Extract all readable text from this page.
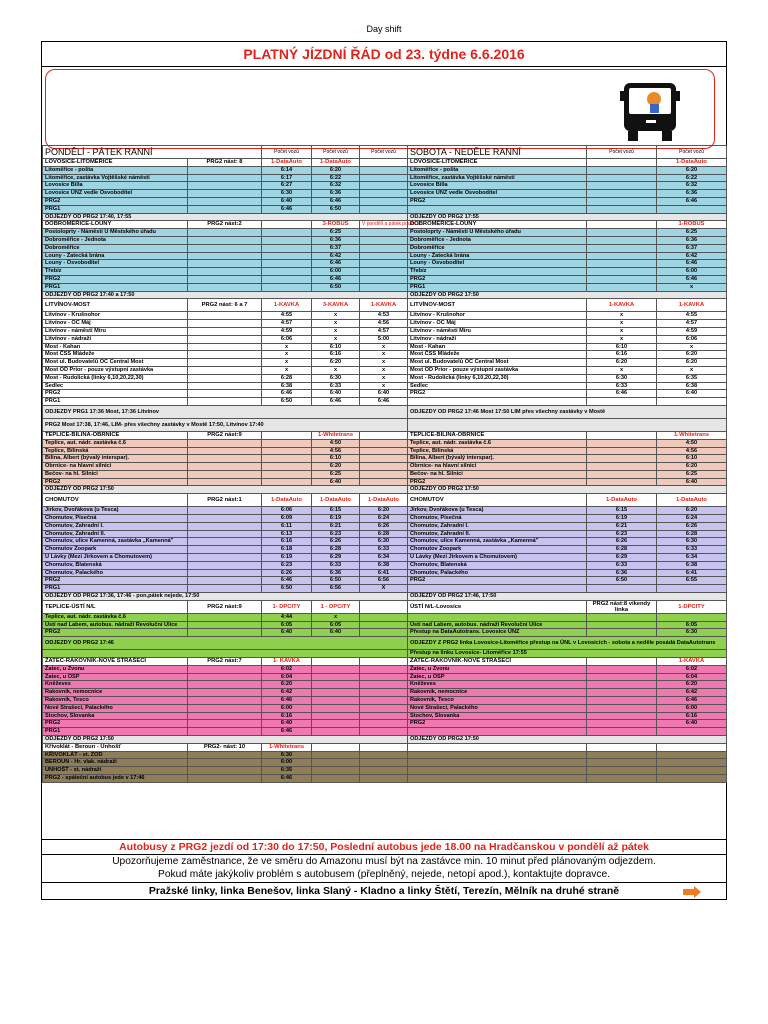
Day shift
PLATNÝ JÍZDNÍ ŘÁD od 23. týdne 6.6.2016
PONDĚLÍ - PÁTEK RANNÍ		Počet vozů	Počet vozů	Počet vozů	SOBOTA - NEDĚLE RANNÍ	Počet vozů	Počet vozů
LOVOSICE-LITOMĚŘICE	PRG2 nást: 8	1-DataAuto	1-DataAuto		LOVOSICE-LITOMĚŘICE		1-DataAuto
Litoměřice - pošta		6:14	6:20		Litoměřice - pošta		6:20
Litoměřice, zastávka Vojtěšské náměstí		6:17	6:22		Litoměřice, zastávka Vojtěšské náměstí		6:22
Lovosice Billa		6:27	6:32		Lovosice Billa		6:32
Lovosice ÚNZ vedle Osvobodítel		6:30	6:36		Lovosice ÚNZ vedle Osvobodítel		6:36
PRG2		6:40	6:46		PRG2		6:46
PRG1		6:46	6:50				
ODJEZDY OD PRG2 17:40, 17:55					ODJEZDY OD PRG2 17:55		
DOBROMĚŘICE-LOUNY	PRG2 nást:2		3-ROBUS	V pondělí a pátek pouze 2	DOBROMĚŘICE-LOUNY		1-ROBUS
Postoloprty - Náměstí U Městského úřadu			6:25		Postoloprty - Náměstí U Městského úřadu		6:25
Dobroměřice - Jednota			6:36		Dobroměřice - Jednota		6:36
Dobroměřice			6:37		Dobroměřice		6:37
Louny - Žatecká brána			6:42		Louny - Žatecká brána		6:42
Louny - Osvoboditel			6:46		Louny - Osvoboditel		6:46
Třebíz			6:00		Třebíz		6:00
PRG2			6:46		PRG2		6:46
PRG1			6:50		PRG1		x
ODJEZDY OD PRG2 17:40 a 17:50					ODJEZDY OD PRG2 17:50		
LITVÍNOV-MOST	PRG2 nást: 6 a 7	1-KAVKA	3-KAVKA	1-KAVKA	LITVÍNOV-MOST	1-KAVKA	1-KAVKA
Litvínov - Krušnohor		4:55	x	4:53	Litvínov - Krušnohor	x	4:55
Litvínov - OC Máj		4:57	x	4:56	Litvínov - OC Máj	x	4:57
Litvínov - náměstí Míru		4:59	x	4:57	Litvínov - náměstí Míru	x	4:59
Litvínov - nádraží		6:06	x	5:00	Litvínov - nádraží	x	6:06
Most - Kahan		x	6:10	x	Most - Kahan	6:10	x
Most ČSS Mládeže		x	6:16	x	Most ČSS Mládeže	6:16	6:20
Most ul. Budovatelů OC Central Most		x	6:20	x	Most ul. Budovatelů OC Central Most	6:20	6:20
Most OD Prior - pouze výstupní zastávka		x	x	x	Most OD Prior - pouze výstupní zastávka	x	x
Most - Rudolická (linky 6,10,20,22,30)		6:28	6:30	x	Most - Rudolická (linky 6,10,20,22,30)	6:30	6:35
Sedlec		6:38	6:33	x	Sedlec	6:33	6:38
PRG2		6:46	6:40	6:40	PRG2	6:46	6:40
PRG1		6:50	6:46	6:46			
ODJEZDY PRG1 17:36 Most, 17:36 Litvínov					ODJEZDY OD PRG2 17:46 Most 17:50 LIM přes všechny zastávky v Mostě		
PRG2 Most 17:38, 17:46, LIM- přes všechny zastávky v Mostě 17:50, Litvínov 17:40							
TEPLICE-BÍLINA-OBRNICE	PRG2 nást:9		1-Whitetrans		TEPLICE-BÍLINA-OBRNICE		1-Whitetrans
Teplice, aut. nádr. zastávka č.6			4:50		Teplice, aut. nádr. zastávka č.6		4:50
Teplice, Bílinská			4:56		Teplice, Bílinská		4:56
Bílina, Albert (bývalý interspar).			6:10		Bílina, Albert (bývalý interspar).		6:10
Obrnice- na hlavní silnici			6:20		Obrnice- na hlavní silnici		6:20
Bečov- na hl. Silnici			6:25		Bečov- na hl. Silnici		6:25
PRG2			6:40		PRG2		6:40
ODJEZDY OD PRG2 17:50					ODJEZDY OD PRG2 17:50		
CHOMUTOV	PRG2 nást:1	1-DataAuto	1-DataAuto	1-DataAuto	CHOMUTOV	1-DataAuto	1-DataAuto
Jirkov, Dvořákova (u Tesca)		6:06	6:15	6:20	Jirkov, Dvořákova (u Tesca)	6:15	6:20
Chomutov, Písečná		6:09	6:19	6:24	Chomutov, Písečná	6:19	6:24
Chomutov, Zahradní I.		6:11	6:21	6:26	Chomutov, Zahradní I.	6:21	6:26
Chomutov, Zahradní II.		6:13	6:23	6:28	Chomutov, Zahradní II.	6:23	6:28
Chomutov, ulice Kamenná, zastávka „Kamenná"		6:16	6:26	6:30	Chomutov, ulice Kamenná, zastávka „Kamenná"	6:26	6:30
Chomutov Zoopark		6:18	6:28	6:33	Chomutov Zoopark	6:28	6:33
U Lávky (Mezi Jirkovem a Chomutovem)		6:19	6:29	6:34	U Lávky (Mezi Jirkovem a Chomutovem)	6:29	6:34
Chomutov, Blatenská		6:23	6:33	6:38	Chomutov, Blatenská	6:33	6:38
Chomutov, Palackého		6:26	6:36	6:41	Chomutov, Palackého	6:36	6:41
PRG2		6:46	6:50	6:56	PRG2	6:50	6:55
PRG1		6:50	6:56	X			
ODJEZDY OD PRG2 17:36, 17:46 - pon,pátek nejede, 17:50					ODJEZDY OD PRG2 17:46, 17:50		
TEPLICE-ÚSTÍ N/L	PRG2 nást:9	1- DPCITY	1 - DPCITY		ÚSTÍ N/L-Lovosice	PRG2 nást:8 víkendy linka	1-DPCITY
Teplice, aut. nádr. zastávka č.6		4:44	x				
Ústí nad Labem, autobus. nádraží Revoluční Ulice		6:05	6:05		Ústí nad Labem, autobus. nádraží Revoluční Ulice		6:05
PRG2		6:40	6:40		Přestup na DataAutotrans. Lovosice ÚNZ		6:30
ODJEZDY OD PRG2 17:46					ODJEZDY Z PRG2 linka Lovosice-Litoměřice přestup na ÚNL v Lovosicích - sobota a neděle posádá DataAutotrans		
					Přestup na linku Lovosice- Litoměřice 17:55		
ŽATEC-RAKOVNÍK-NOVÉ STRAŠECÍ	PRG2 nást:7	1- KAVKA			ŽATEC-RAKOVNÍK-NOVÉ STRAŠECÍ		1-KAVKA
Žatec, u Zvonu		6:02			Žatec, u Zvonu		6:02
Žatec, u OSP		6:04			Žatec, u OSP		6:04
Kněževes		6:20			Kněževes		6:20
Rakovník, nemocnice		6:42			Rakovník, nemocnice		6:42
Rakovník, Tesco		6:46			Rakovník, Tesco		6:46
Nové Strašecí, Palackého		6:00			Nové Strašecí, Palackého		6:00
Stochov, Slovanka		6:16			Stochov, Slovanka		6:16
PRG2		6:40			PRG2		6:40
PRG1		6:46					
ODJEZDY OD PRG2 17:50					ODJEZDY OD PRG2 17:50		
Křivoklát - Beroun - Unhošť	PRG2- nást: 10	1-Whitetrans					
KŘIVOKLÁT - st. ZOD		6:30					
BEROUN - Hr. vlak. nádraží		6:00					
UNHOŠŤ - st. nádraží		6:35					
PRG2 - spáteční autobus jede v 17:46		6:46					
Autobusy z PRG2 jezdí od 17:30 do 17:50, Poslední autobus jede 18.00 na Hradčanskou v pondělí až pátek
Upozorňujeme zaměstnance, že ve směru do Amazonu musí být na zastávce min. 10 minut před plánovaným odjezdem.
Pokud máte jakýkoliv problém s autobusem (přeplněný, nejede, netopí apod.), kontaktujte dopravce.
Pražské linky, linka Benešov, linka Slaný - Kladno a linky Štětí, Terezín, Mělník na druhé straně
